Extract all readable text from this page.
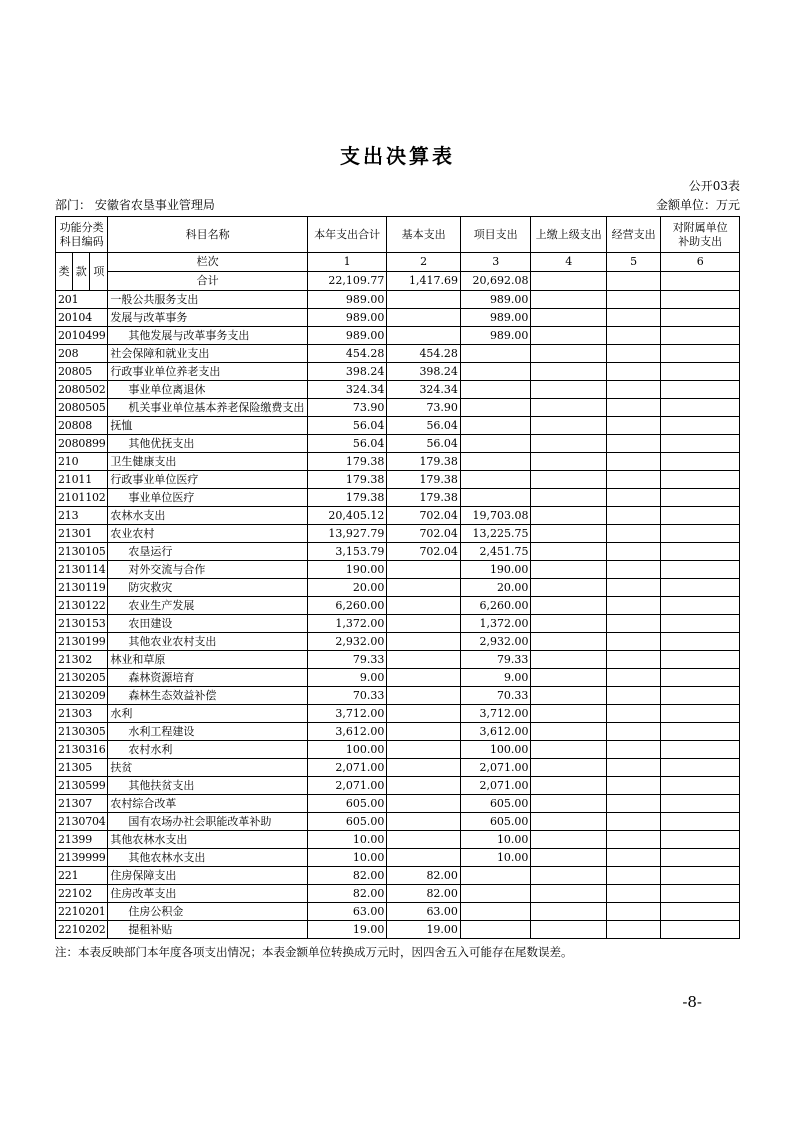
支出决算表
公开03表
部门： 安徽省农垦事业管理局	金额单位：万元
功能分类科目编码			科目名称	本年支出合计	基本支出	项目支出	上缴上级支出	经营支出	对附属单位补助支出
类	款	项	栏次	1	2	3	4	5	6
			合计	22,109.77	1,417.69	20,692.08			
201			一般公共服务支出	989.00		989.00			
20104			发展与改革事务	989.00		989.00			
2010499			其他发展与改革事务支出	989.00		989.00			
208			社会保障和就业支出	454.28	454.28				
20805			行政事业单位养老支出	398.24	398.24				
2080502			事业单位离退休	324.34	324.34				
2080505			机关事业单位基本养老保险缴费支出	73.90	73.90				
20808			抚恤	56.04	56.04				
2080899			其他优抚支出	56.04	56.04				
210			卫生健康支出	179.38	179.38				
21011			行政事业单位医疗	179.38	179.38				
2101102			事业单位医疗	179.38	179.38				
213			农林水支出	20,405.12	702.04	19,703.08			
21301			农业农村	13,927.79	702.04	13,225.75			
2130105			农垦运行	3,153.79	702.04	2,451.75			
2130114			对外交流与合作	190.00		190.00			
2130119			防灾救灾	20.00		20.00			
2130122			农业生产发展	6,260.00		6,260.00			
2130153			农田建设	1,372.00		1,372.00			
2130199			其他农业农村支出	2,932.00		2,932.00			
21302			林业和草原	79.33		79.33			
2130205			森林资源培育	9.00		9.00			
2130209			森林生态效益补偿	70.33		70.33			
21303			水利	3,712.00		3,712.00			
2130305			水利工程建设	3,612.00		3,612.00			
2130316			农村水利	100.00		100.00			
21305			扶贫	2,071.00		2,071.00			
2130599			其他扶贫支出	2,071.00		2,071.00			
21307			农村综合改革	605.00		605.00			
2130704			国有农场办社会职能改革补助	605.00		605.00			
21399			其他农林水支出	10.00		10.00			
2139999			其他农林水支出	10.00		10.00			
221			住房保障支出	82.00	82.00				
22102			住房改革支出	82.00	82.00				
2210201			住房公积金	63.00	63.00				
2210202			提租补贴	19.00	19.00				
注：本表反映部门本年度各项支出情况；本表金额单位转换成万元时，因四舍五入可能存在尾数误差。
-8-
